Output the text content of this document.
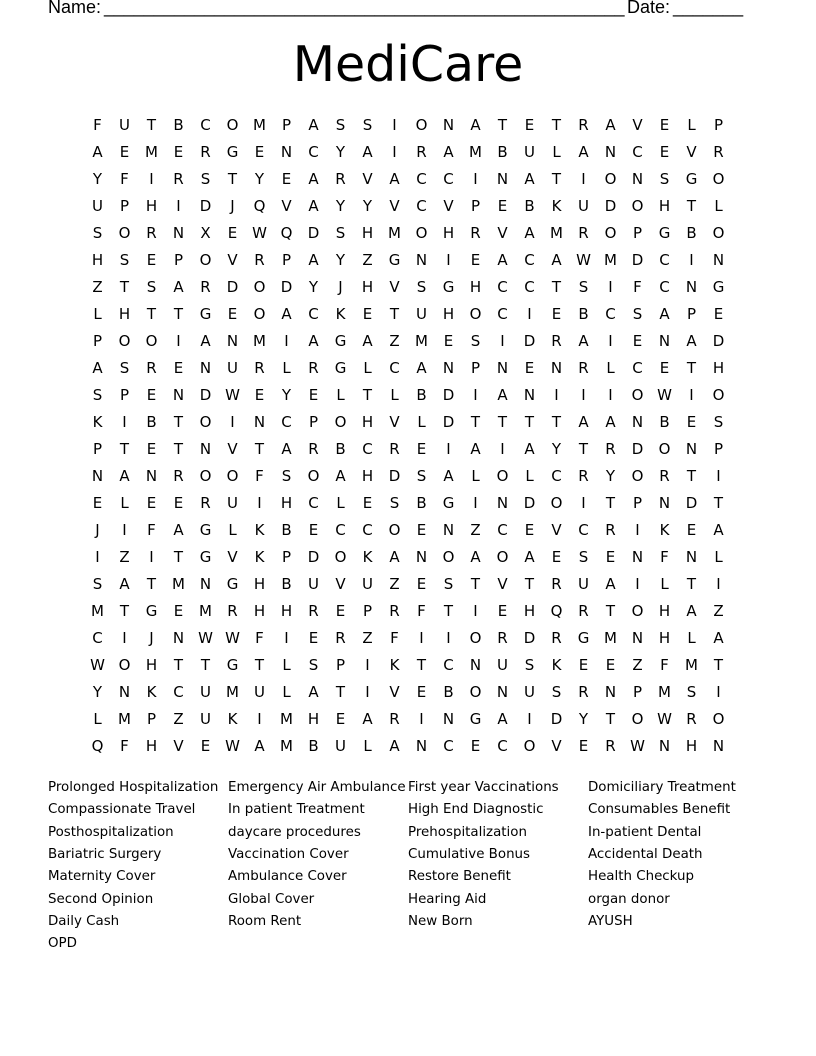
Name: ____________________________________________________ Date: _______
MediCare
F	U	T	B	C	O M	P	A	S	S	I	O	N	A	T	E	T	R	A	V	E	L	P
A	E	M	E	R	G	E	N	C	Y	A	I	R	A	M	B	U	L	A	N	C	E	V	R
Y	F	I	R	S	T	Y	E	A	R	V	A	C	C	I	N	A	T	I	O	N	S	G	O
U	P	H	I	D	J	Q	V	A	Y	Y	V	C	V	P	E	B	K	U	D	O	H	T	L
S	O	R	N	X	E W Q	D	S	H M O	H	R	V	A	M	R	O	P	G	B	O
H	S	E	P	O	V	R	P	A	Y	Z	G	N	I	E	A	C	A W M D	C	I	N
Z	T	S	A	R	D	O	D	Y	J	H	V	S	G	H	C	C	T	S	I	F	C	N	G
L	H	T	T	G	E	O	A	C	K	E	T	U	H	O	C	I	E	B	C	S	A	P	E
P	O	O	I	A	N M	I	A	G	A	Z	M	E	S	I	D	R	A	I	E	N	A	D
A	S	R	E	N	U	R	L	R	G	L	C	A	N	P	N	E	N	R	L	C	E	T	H
S	P	E	N	D W E	Y	E	L	T	L	B	D	I	A	N	I	I	I	O W	I	O
K	I	B	T	O	I	N	C	P	O	H	V	L	D	T	T	T	T	A	A	N	B	E	S
P	T	E	T	N	V	T	A	R	B	C	R	E	I	A	I	A	Y	T	R	D	O	N	P
N	A	N	R	O	O	F	S	O	A	H	D	S	A	L	O	L	C	R	Y	O	R	T	I
E	L	E	E	R	U	I	H	C	L	E	S	B	G	I	N	D	O	I	T	P	N	D	T
J	I	F	A	G	L	K	B	E	C	C	O	E	N	Z	C	E	V	C	R	I	K	E	A
I	Z	I	T	G	V	K	P	D	O	K	A	N	O	A	O	A	E	S	E	N	F	N	L
S	A	T	M N	G	H	B	U	V	U	Z	E	S	T	V	T	R	U	A	I	L	T	I
M	T	G	E	M	R	H	H	R	E	P	R	F	T	I	E	H	Q	R	T	O	H	A	Z
C	I	J	N W W	F	I	E	R	Z	F	I	I	O	R	D	R	G M N	H	L	A
W O	H	T	T	G	T	L	S	P	I	K	T	C	N	U	S	K	E	E	Z	F	M	T
Y	N	K	C	U	M	U	L	A	T	I	V	E	B	O	N	U	S	R	N	P	M	S	I
L	M	P	Z	U	K	I	M H	E	A	R	I	N	G	A	I	D	Y	T	O W R	O
Q	F	H	V	E W A	M	B	U	L	A	N	C	E	C	O	V	E	R W N	H	N
Prolonged Hospitalization
Compassionate Travel
Posthospitalization
Bariatric Surgery
Maternity Cover
Second Opinion
Daily Cash
OPD
Emergency Air Ambulance
In patient Treatment
daycare procedures
Vaccination Cover
Ambulance Cover
Global Cover
Room Rent
First year Vaccinations
High End Diagnostic
Prehospitalization
Cumulative Bonus
Restore Benefit
Hearing Aid
New Born
Domiciliary Treatment
Consumables Benefit
In-patient Dental
Accidental Death
Health Checkup
organ donor
AYUSH
